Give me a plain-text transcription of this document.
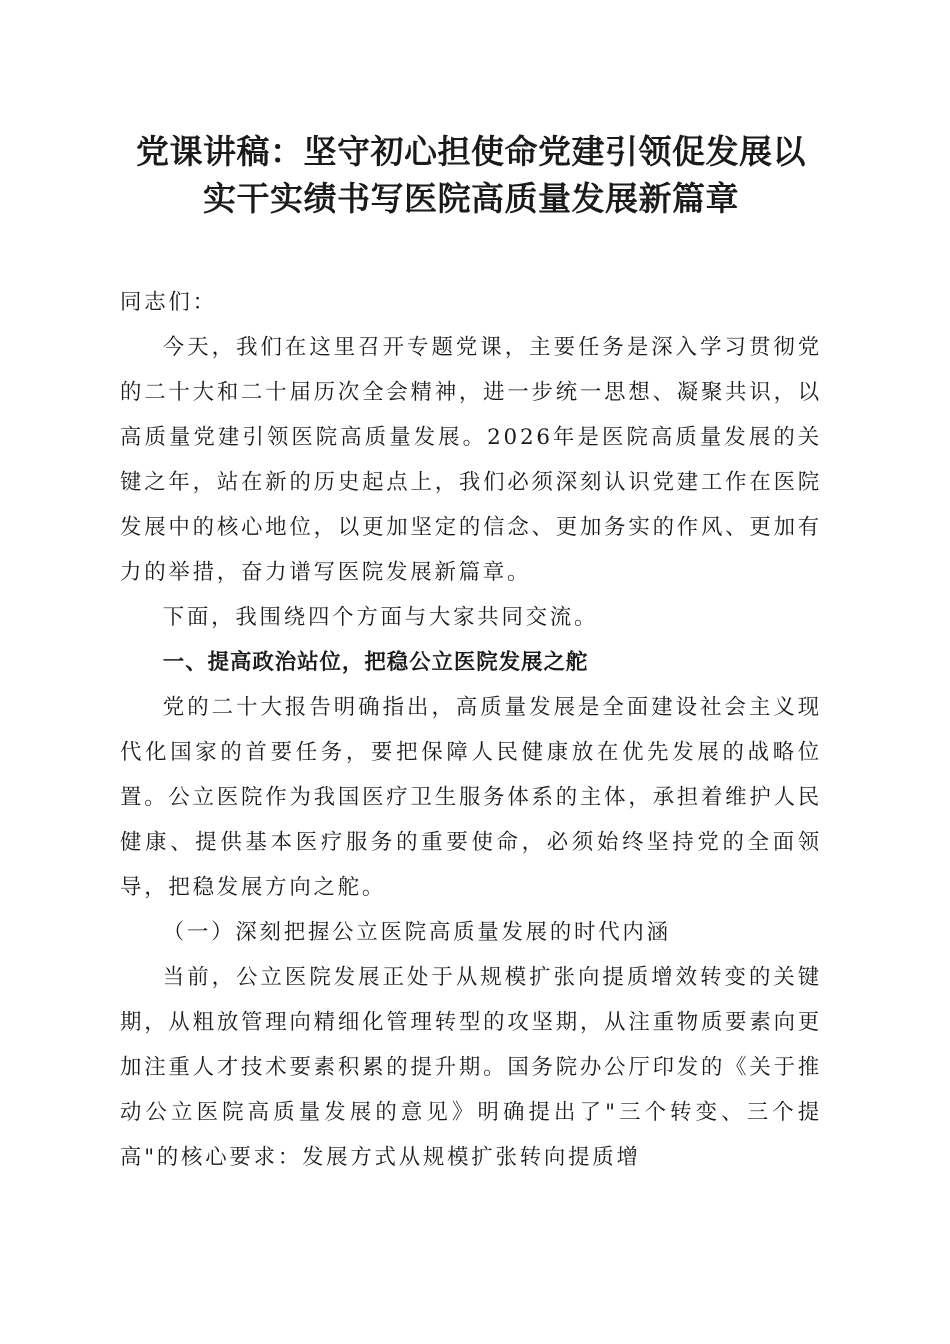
党课讲稿：坚守初心担使命党建引领促发展以
实干实绩书写医院高质量发展新篇章

同志们：

今天，我们在这里召开专题党课，主要任务是深入学习贯彻党的二十大和二十届历次全会精神，进一步统一思想、凝聚共识，以高质量党建引领医院高质量发展。2026年是医院高质量发展的关键之年，站在新的历史起点上，我们必须深刻认识党建工作在医院发展中的核心地位，以更加坚定的信念、更加务实的作风、更加有力的举措，奋力谱写医院发展新篇章。

下面，我围绕四个方面与大家共同交流。

一、提高政治站位，把稳公立医院发展之舵

党的二十大报告明确指出，高质量发展是全面建设社会主义现代化国家的首要任务，要把保障人民健康放在优先发展的战略位置。公立医院作为我国医疗卫生服务体系的主体，承担着维护人民健康、提供基本医疗服务的重要使命，必须始终坚持党的全面领导，把稳发展方向之舵。

（一）深刻把握公立医院高质量发展的时代内涵

当前，公立医院发展正处于从规模扩张向提质增效转变的关键期，从粗放管理向精细化管理转型的攻坚期，从注重物质要素向更加注重人才技术要素积累的提升期。国务院办公厅印发的《关于推动公立医院高质量发展的意见》明确提出了"三个转变、三个提高"的核心要求：发展方式从规模扩张转向提质增
